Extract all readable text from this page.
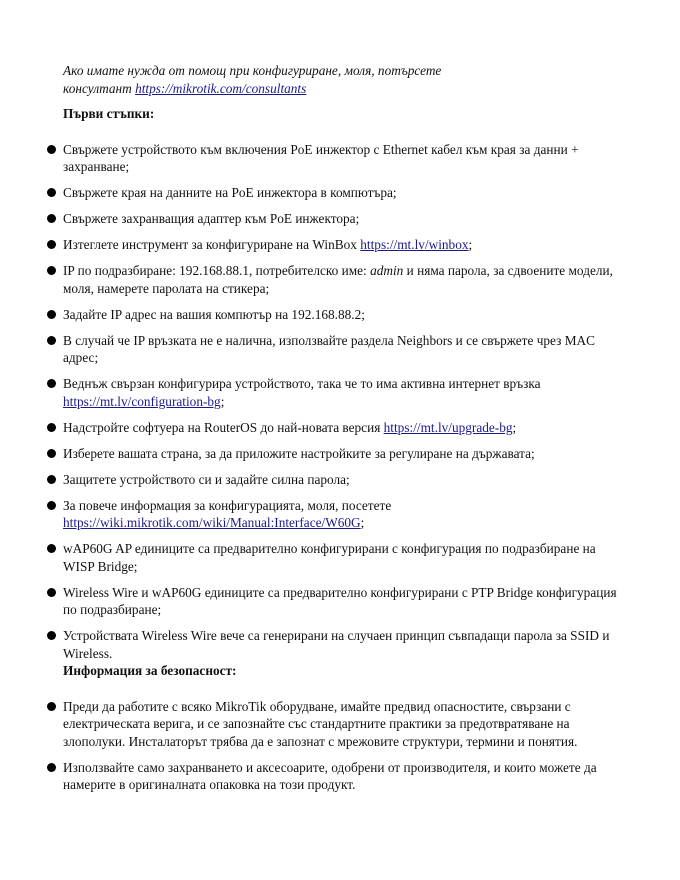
Ако имате нужда от помощ при конфигуриране, моля, потърсете консултант https://mikrotik.com/consultants

Първи стъпки:
Свържете устройството към включения PoE инжектор с Ethernet кабел към края за данни + захранване;
Свържете края на данните на PoE инжектора в компютъра;
Свържете захранващия адаптер към PoE инжектора;
Изтеглете инструмент за конфигуриране на WinBox https://mt.lv/winbox;
IP по подразбиране: 192.168.88.1, потребителско име: admin и няма парола, за сдвоените модели, моля, намерете паролата на стикера;
Задайте IP адрес на вашия компютър на 192.168.88.2;
В случай че IP връзката не е налична, използвайте раздела Neighbors и се свържете чрез MAC адрес;
Веднъж свързан конфигурира устройството, така че то има активна интернет връзка https://mt.lv/configuration-bg;
Надстройте софтуера на RouterOS до най-новата версия https://mt.lv/upgrade-bg;
Изберете вашата страна, за да приложите настройките за регулиране на държавата;
Защитете устройството си и задайте силна парола;
За повече информация за конфигурацията, моля, посетете https://wiki.mikrotik.com/wiki/Manual:Interface/W60G;
wAP60G AP единиците са предварително конфигурирани с конфигурация по подразбиране на WISP Bridge;
Wireless Wire и wAP60G единиците са предварително конфигурирани с PTP Bridge конфигурация по подразбиране;
Устройствата Wireless Wire вече са генерирани на случаен принцип съвпадащи парола за SSID и Wireless.
Информация за безопасност:
Преди да работите с всяко MikroTik оборудване, имайте предвид опасностите, свързани с електрическата верига, и се запознайте със стандартните практики за предотвратяване на злополуки. Инсталаторът трябва да е запознат с мрежовите структури, термини и понятия.
Използвайте само захранването и аксесоарите, одобрени от производителя, и които можете да намерите в оригиналната опаковка на този продукт.
